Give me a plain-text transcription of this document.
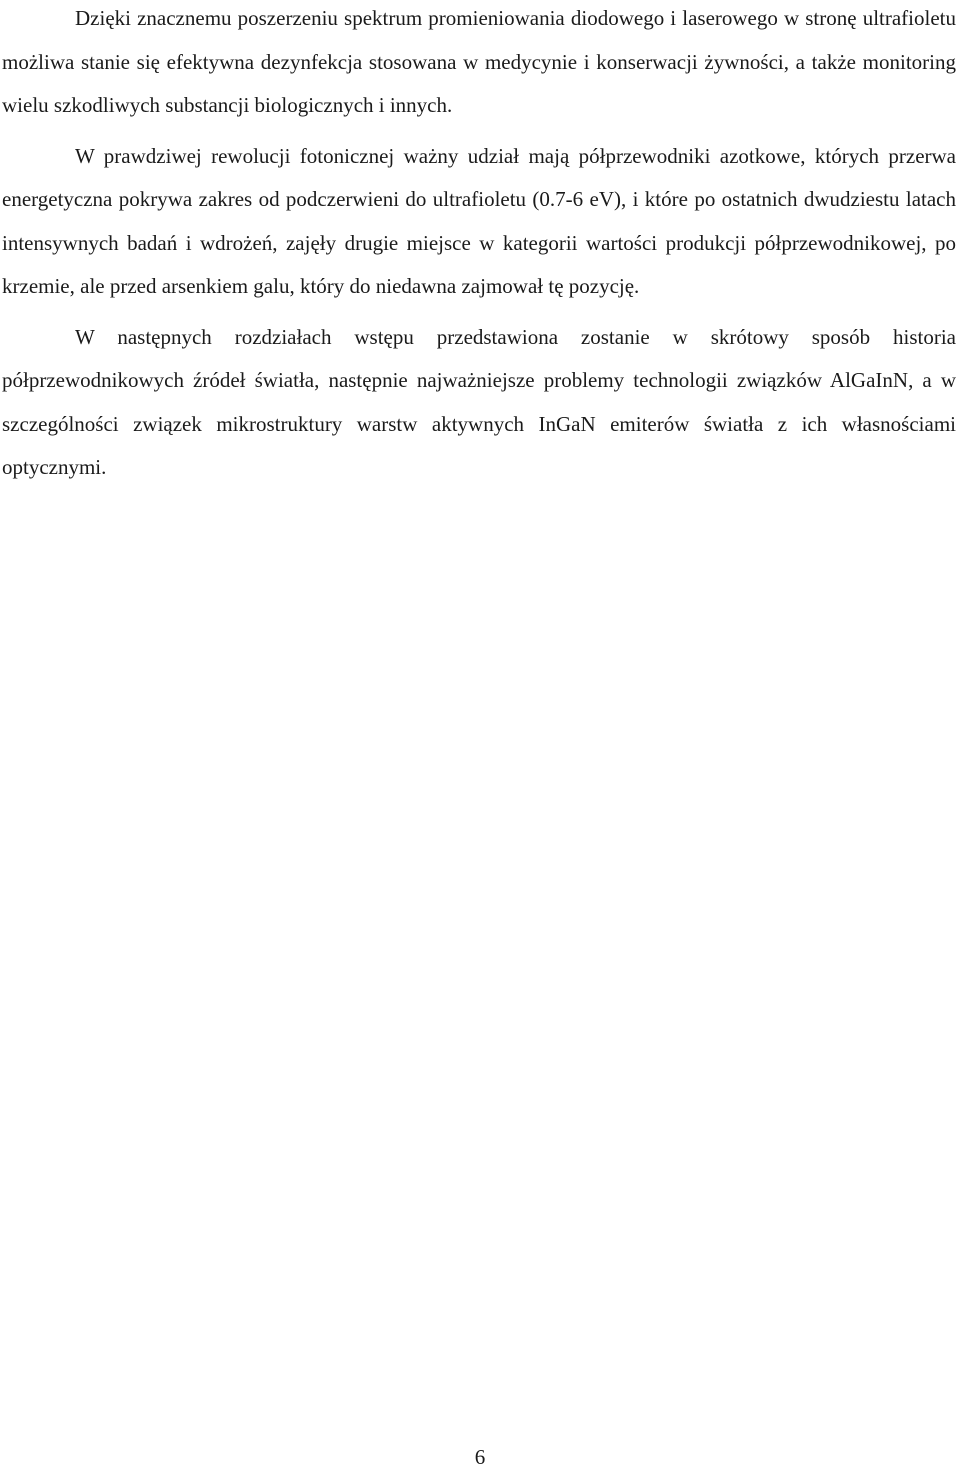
Dzięki znacznemu poszerzeniu spektrum promieniowania diodowego i laserowego w stronę ultrafioletu możliwa stanie się efektywna dezynfekcja stosowana w medycynie i konserwacji żywności, a także monitoring wielu szkodliwych substancji biologicznych i innych.

W prawdziwej rewolucji fotonicznej ważny udział mają półprzewodniki azotkowe, których przerwa energetyczna pokrywa zakres od podczerwieni do ultrafioletu (0.7-6 eV), i które po ostatnich dwudziestu latach intensywnych badań i wdrożeń, zajęły drugie miejsce w kategorii wartości produkcji półprzewodnikowej, po krzemie, ale przed arsenkiem galu, który do niedawna zajmował tę pozycję.

W następnych rozdziałach wstępu przedstawiona zostanie w skrótowy sposób historia półprzewodnikowych źródeł światła, następnie najważniejsze problemy technologii związków AlGaInN, a w szczególności związek mikrostruktury warstw aktywnych InGaN emiterów światła z ich własnościami optycznymi.

6
